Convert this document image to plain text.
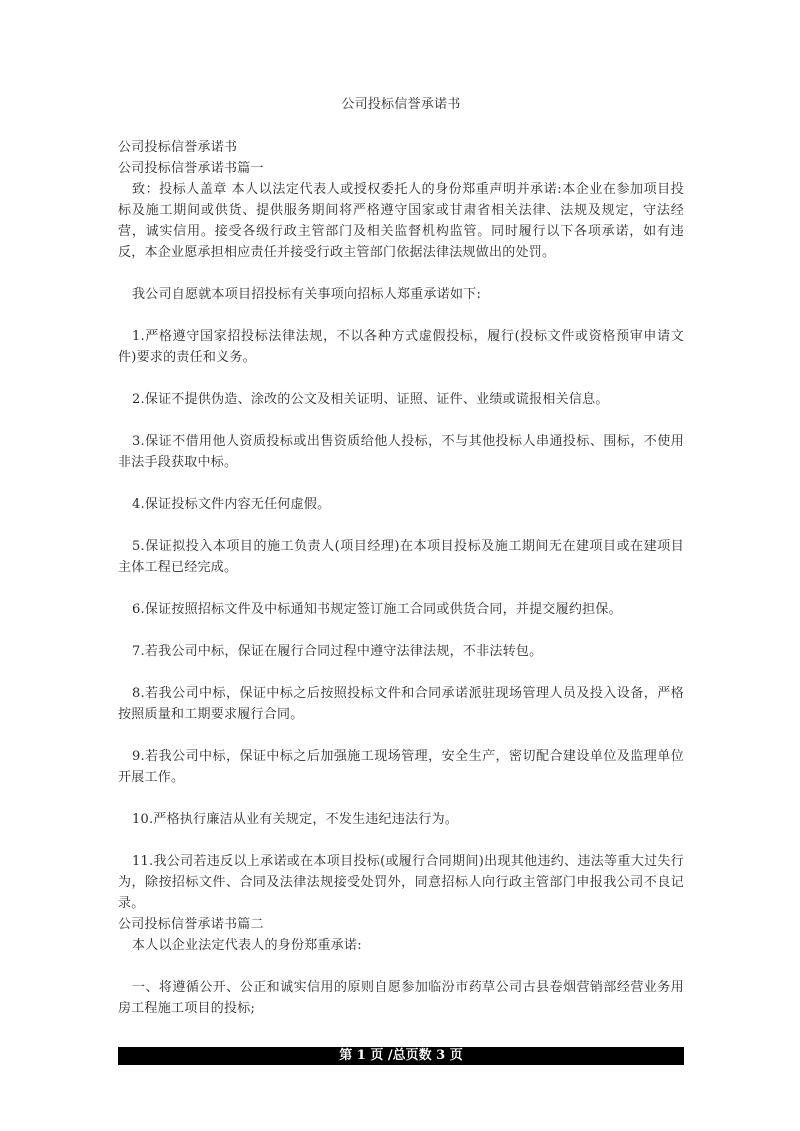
公司投标信誉承诺书

公司投标信誉承诺书

公司投标信誉承诺书篇一

致：投标人盖章 本人以法定代表人或授权委托人的身份郑重声明并承诺:本企业在参加项目投标及施工期间或供货、提供服务期间将严格遵守国家或甘肃省相关法律、法规及规定，守法经营，诚实信用。接受各级行政主管部门及相关监督机构监管。同时履行以下各项承诺，如有违反，本企业愿承担相应责任并接受行政主管部门依据法律法规做出的处罚。

我公司自愿就本项目招投标有关事项向招标人郑重承诺如下:

1.严格遵守国家招投标法律法规，不以各种方式虚假投标，履行(投标文件或资格预审申请文件)要求的责任和义务。

2.保证不提供伪造、涂改的公文及相关证明、证照、证件、业绩或谎报相关信息。

3.保证不借用他人资质投标或出售资质给他人投标，不与其他投标人串通投标、围标，不使用非法手段获取中标。

4.保证投标文件内容无任何虚假。

5.保证拟投入本项目的施工负责人(项目经理)在本项目投标及施工期间无在建项目或在建项目主体工程已经完成。

6.保证按照招标文件及中标通知书规定签订施工合同或供货合同，并提交履约担保。

7.若我公司中标，保证在履行合同过程中遵守法律法规，不非法转包。

8.若我公司中标，保证中标之后按照投标文件和合同承诺派驻现场管理人员及投入设备，严格按照质量和工期要求履行合同。

9.若我公司中标，保证中标之后加强施工现场管理，安全生产，密切配合建设单位及监理单位开展工作。

10.严格执行廉洁从业有关规定，不发生违纪违法行为。

11.我公司若违反以上承诺或在本项目投标(或履行合同期间)出现其他违约、违法等重大过失行为，除按招标文件、合同及法律法规接受处罚外，同意招标人向行政主管部门申报我公司不良记录。

公司投标信誉承诺书篇二

本人以企业法定代表人的身份郑重承诺:

一、将遵循公开、公正和诚实信用的原则自愿参加临汾市药草公司古县卷烟营销部经营业务用房工程施工项目的投标;

第 1 页 /总页数 3 页
